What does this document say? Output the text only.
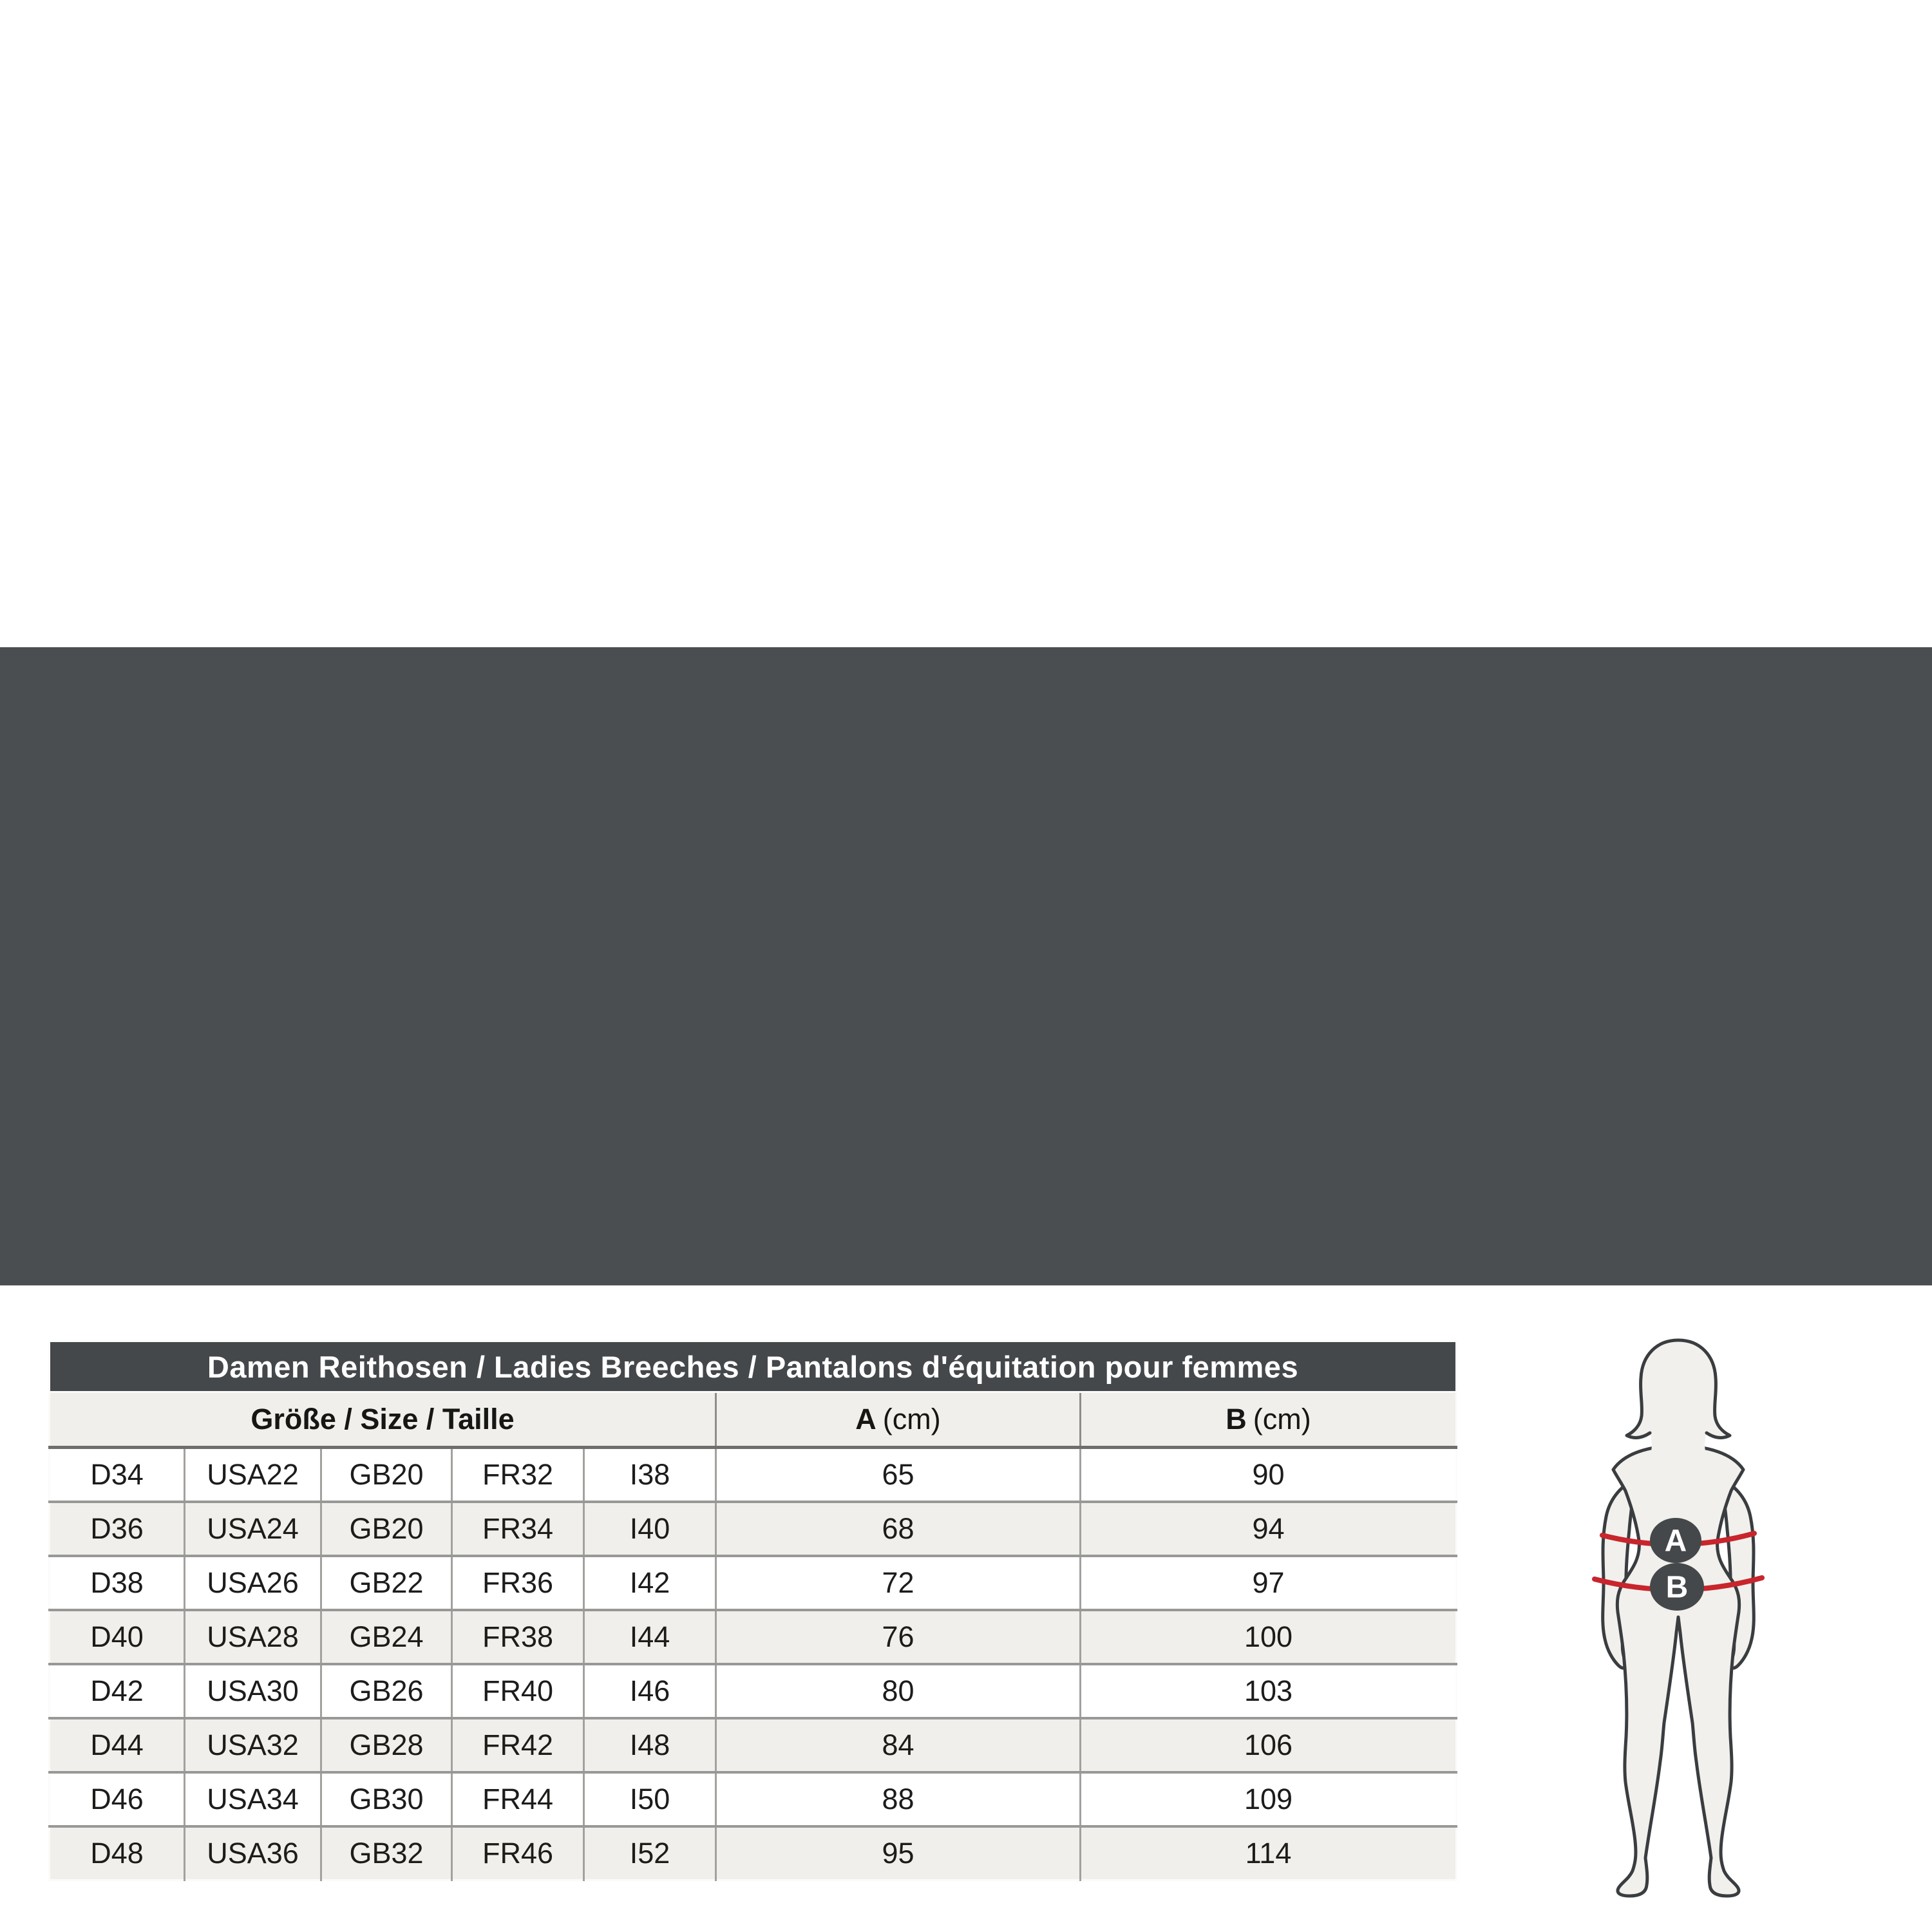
Damen Reithosen / Ladies Breeches / Pantalons d'équitation pour femmes						
Größe / Size / Taille					A (cm)	B (cm)
D34	USA22	GB20	FR32	I38	65	90
D36	USA24	GB20	FR34	I40	68	94
D38	USA26	GB22	FR36	I42	72	97
D40	USA28	GB24	FR38	I44	76	100
D42	USA30	GB26	FR40	I46	80	103
D44	USA32	GB28	FR42	I48	84	106
D46	USA34	GB30	FR44	I50	88	109
D48	USA36	GB32	FR46	I52	95	114
A
B
